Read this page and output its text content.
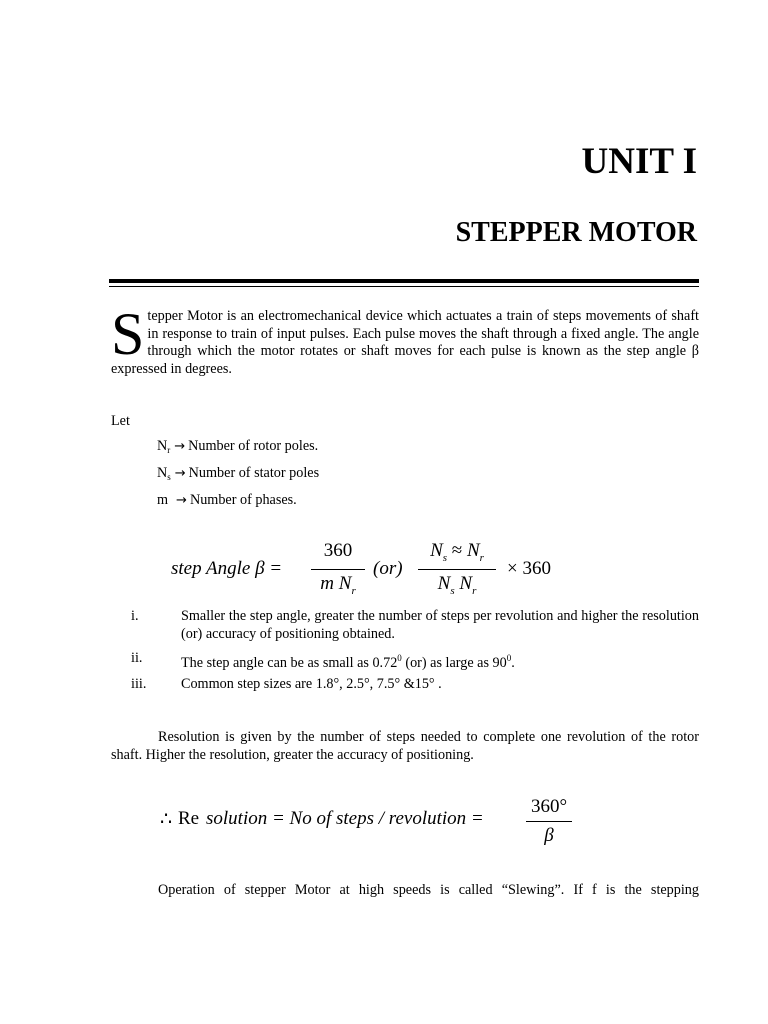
UNIT I
STEPPER MOTOR
Stepper Motor is an electromechanical device which actuates a train of steps movements of shaft in response to train of input pulses. Each pulse moves the shaft through a fixed angle. The angle through which the motor rotates or shaft moves for each pulse is known as the step angle β expressed in degrees.
Let
$N_r$ → Number of rotor poles.
$N_s$ → Number of stator poles
m → Number of phases.
step Angle β =
360
m $N_r$
(or)
$N_s \approx N_r$
$N_s$ $N_r$
× 360
i.	Smaller the step angle, greater the number of steps per revolution and higher the resolution (or) accuracy of positioning obtained.
ii.	The step angle can be as small as 0.72$^0$ (or) as large as $90^0$.
iii. Common step sizes are 1.8°, 2.5°, 7.5° &15° .
Resolution is given by the number of steps needed to complete one revolution of the rotor shaft. Higher the resolution, greater the accuracy of positioning.
∴ Re solution = No of steps / revolution =
360°
β
Operation of stepper Motor at high speeds is called “Slewing”. If f is the stepping
